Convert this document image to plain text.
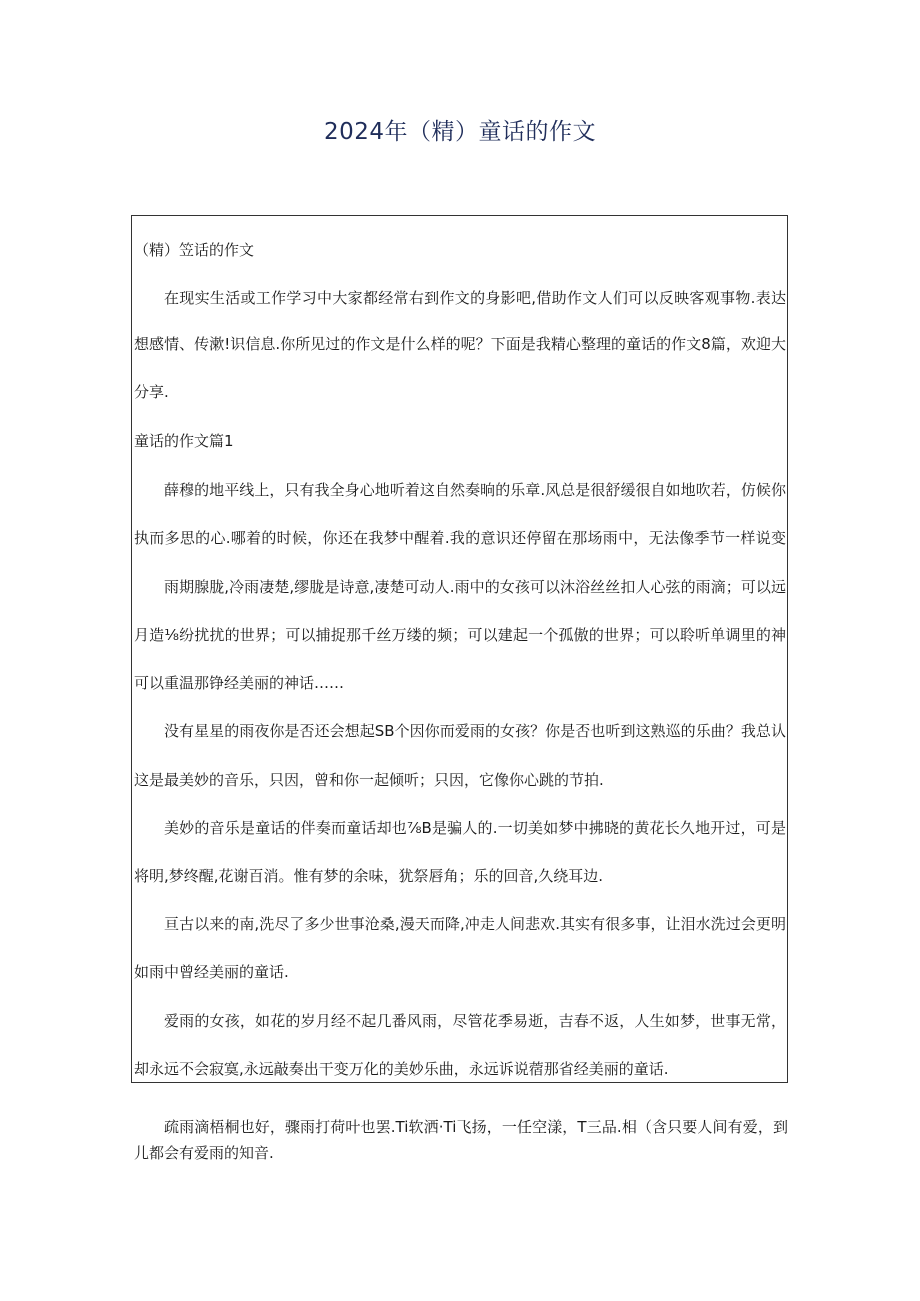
2024年（精）童话的作文
（精）笠话的作文
在现实生活或工作学习中大家都经常右到作文的身影吧,借助作文人们可以反映客观事物.表达
想感情、传漱!识信息.你所见过的作文是什么样的呢？下面是我精心整理的童话的作文8篇，欢迎大
分享.
童话的作文篇1
薛穆的地平线上，只有我全身心地听着这自然奏晌的乐章.风总是很舒缓很自如地吹若，仿候你
执而多思的心.哪着的时候，你还在我梦中醒着.我的意识还停留在那场雨中，无法像季节一样说变
雨期腺胧,冷雨凄楚,缪胧是诗意,凄楚可动人.雨中的女孩可以沐浴丝丝扣人心弦的雨滴；可以远
月造⅛纷扰扰的世界；可以捕捉那千丝万缕的频；可以建起一个孤傲的世界；可以聆听单调里的神
可以重温那铮经美丽的神话……
没有星星的雨夜你是否还会想起SB个因你而爱雨的女孩？你是否也听到这熟巡的乐曲？我总认
这是最美妙的音乐，只因，曾和你一起倾听；只因，它像你心跳的节拍.
美妙的音乐是童话的伴奏而童话却也⅞B是骗人的.一切美如梦中拂晓的黄花长久地开过，可是
将明,梦终醒,花谢百消。惟有梦的余味，犹祭唇角；乐的回音,久绕耳边.
亘古以来的南,洗尽了多少世事沧桑,漫天而降,冲走人间悲欢.其实有很多事，让泪水洗过会更明
如雨中曾经美丽的童话.
爱雨的女孩，如花的岁月经不起几番风雨，尽管花季易逝，吉春不返，人生如梦，世事无常，
却永远不会寂寞,永远敲奏出干变万化的美妙乐曲，永远诉说蓿那省经美丽的童话.
疏雨滴梧桐也好，骤雨打荷叶也罢.Ti软洒·Ti飞扬，一任空漾，T三品.相（含只要人间有爱，到
儿都会有爱雨的知音.
